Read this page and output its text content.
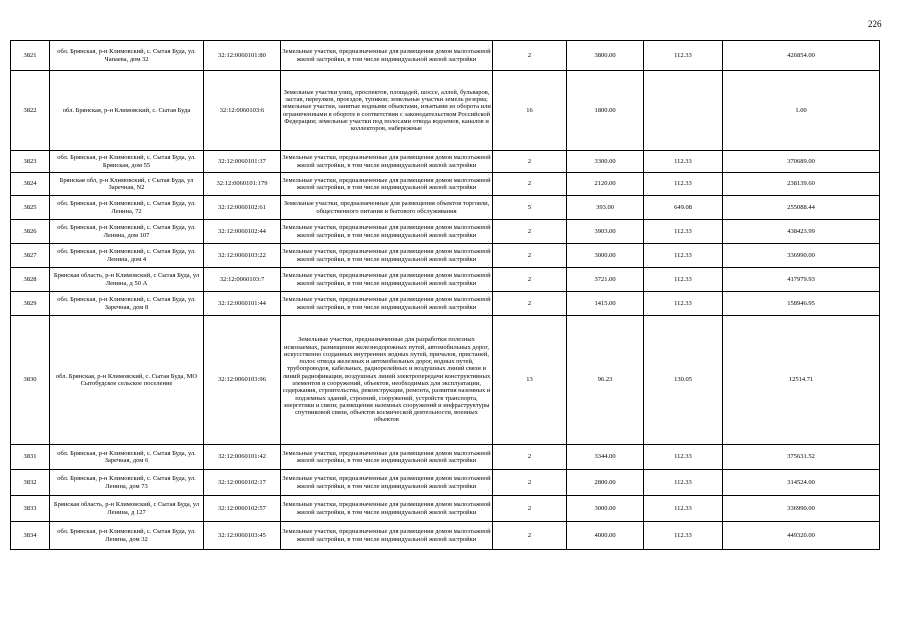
226
3821	обл. Брянская, р-н Климовский, с. Сытая Буда, ул. Чапаева, дом 32	32:12:0060101:80	Земельные участки, предназначенные для размещения домов малоэтажной жилой застройки, в том числе индивидуальной жилой застройки	2	3800.00	112.33	426854.00
3822	обл. Брянская, р-н Климовский, с. Сытая Буда	32:12:0060103:6	Земельные участки улиц, проспектов, площадей, шоссе, аллей, бульваров, застав, переулков, проездов, тупиков; земельные участки земель резерва; земельные участки, занятые водными объектами, изъятыми из оборота или ограниченными в обороте в соответствии с законодательством Российской Федерации; земельные участки под полосами отвода водоемов, каналов и коллекторов, набережные	16	1800.00		1.00
3823	обл. Брянская, р-н Климовский, с. Сытая Буда, ул. Брянская, дом 55	32:12:0060101:37	Земельные участки, предназначенные для размещения домов малоэтажной жилой застройки, в том числе индивидуальной жилой застройки	2	3300.00	112.33	370689.00
3824	Брянская обл, р-н Климовский, с Сытая Буда, ул Заречная, N2	32:12:0060101:179	Земельные участки, предназначенные для размещения домов малоэтажной жилой застройки, в том числе индивидуальной жилой застройки	2	2120.00	112.33	238139.60
3825	обл. Брянская, р-н Климовский, с. Сытая Буда, ул. Ленина, 72	32:12:0060102:61	Земельные участки, предназначенные для размещения объектов торговли, общественного питания и бытового обслуживания	5	393.00	649.08	255088.44
3826	обл. Брянская, р-н Климовский, с. Сытая Буда, ул. Ленина, дом 107	32:12:0060102:44	Земельные участки, предназначенные для размещения домов малоэтажной жилой застройки, в том числе индивидуальной жилой застройки	2	3903.00	112.33	438423.99
3827	обл. Брянская, р-н Климовский, с. Сытая Буда, ул. Ленина, дом 4	32:12:0060103:22	Земельные участки, предназначенные для размещения домов малоэтажной жилой застройки, в том числе индивидуальной жилой застройки	2	3000.00	112.33	336990.00
3828	Брянская область, р-н Климовский, с Сытая Буда, ул Ленина, д 50 А	32:12:0060103:7	Земельные участки, предназначенные для размещения домов малоэтажной жилой застройки, в том числе индивидуальной жилой застройки	2	3721.00	112.33	417979.93
3829	обл. Брянская, р-н Климовский, с. Сытая Буда, ул. Заречная, дом 8	32:12:0060101:44	Земельные участки, предназначенные для размещения домов малоэтажной жилой застройки, в том числе индивидуальной жилой застройки	2	1415.00	112.33	158946.95
3830	обл. Брянская, р-н Климовский, с. Сытая Буда, МО Сытобудское сельское поселение	32:12:0060103:96	Земельные участки, предназначенные для разработки полезных ископаемых, размещения железнодорожных путей, автомобильных дорог, искусственно созданных внутренних водных путей, причалов, пристаней, полос отвода железных и автомобильных дорог, водных путей, трубопроводов, кабельных, радиорелейных и воздушных линий связи и линий радиофикации, воздушных линий электропередачи конструктивных элементов и сооружений, объектов, необходимых для эксплуатации, содержания, строительства, реконструкции, ремонта, развития наземных и подземных зданий, строений, сооружений, устройств транспорта, энергетики и связи; размещения наземных сооружений и инфраструктуры спутниковой связи, объектов космической деятельности, военных объектов	13	96.23	130.05	12514.71
3831	обл. Брянская, р-н Климовский, с. Сытая Буда, ул. Заречная, дом 6	32:12:0060101:42	Земельные участки, предназначенные для размещения домов малоэтажной жилой застройки, в том числе индивидуальной жилой застройки	2	3344.00	112.33	375631.52
3832	обл. Брянская, р-н Климовский, с. Сытая Буда, ул. Ленина, дом 73	32:12:0060102:17	Земельные участки, предназначенные для размещения домов малоэтажной жилой застройки, в том числе индивидуальной жилой застройки	2	2800.00	112.33	314524.00
3833	Брянская область, р-н Климовский, с Сытая Буда, ул Ленина, д 127	32:12:0060102:57	Земельные участки, предназначенные для размещения домов малоэтажной жилой застройки, в том числе индивидуальной жилой застройки	2	3000.00	112.33	336990.00
3834	обл. Брянская, р-н Климовский, с. Сытая Буда, ул. Ленина, дом 32	32:12:0060103:45	Земельные участки, предназначенные для размещения домов малоэтажной жилой застройки, в том числе индивидуальной жилой застройки	2	4000.00	112.33	449320.00
